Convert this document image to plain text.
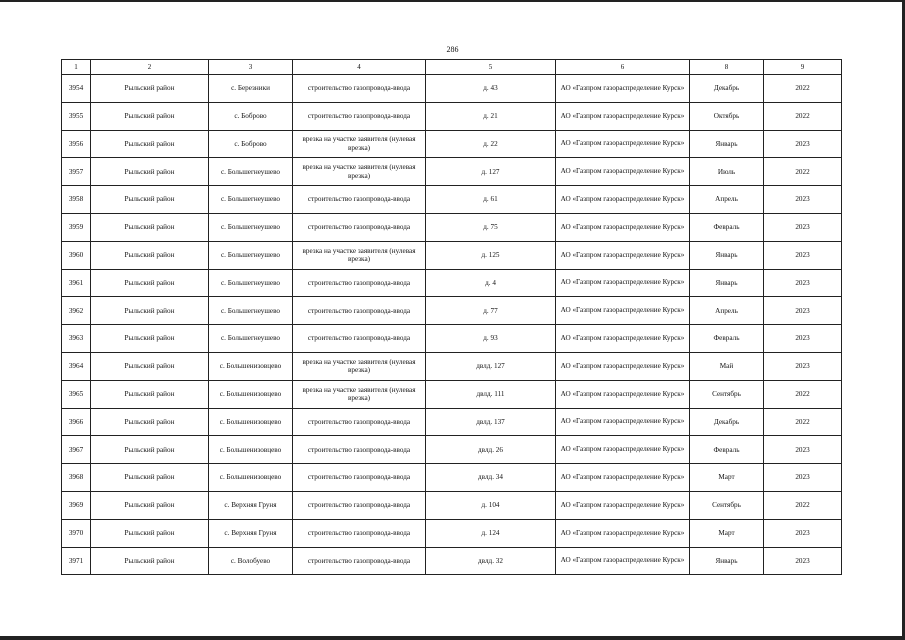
286
1	2	3	4	5	6	8	9
3954	Рыльский район	с. Березники	строительство газопровода-ввода	д. 43	АО «Газпром газораспределение Курск»	Декабрь	2022
3955	Рыльский район	с. Боброво	строительство газопровода-ввода	д. 21	АО «Газпром газораспределение Курск»	Октябрь	2022
3956	Рыльский район	с. Боброво	врезка на участке заявителя (нулевая врезка)	д. 22	АО «Газпром газораспределение Курск»	Январь	2023
3957	Рыльский район	с. Большегнеушево	врезка на участке заявителя (нулевая врезка)	д. 127	АО «Газпром газораспределение Курск»	Июль	2022
3958	Рыльский район	с. Большегнеушево	строительство газопровода-ввода	д. 61	АО «Газпром газораспределение Курск»	Апрель	2023
3959	Рыльский район	с. Большегнеушево	строительство газопровода-ввода	д. 75	АО «Газпром газораспределение Курск»	Февраль	2023
3960	Рыльский район	с. Большегнеушево	врезка на участке заявителя (нулевая врезка)	д. 125	АО «Газпром газораспределение Курск»	Январь	2023
3961	Рыльский район	с. Большегнеушево	строительство газопровода-ввода	д. 4	АО «Газпром газораспределение Курск»	Январь	2023
3962	Рыльский район	с. Большегнеушево	строительство газопровода-ввода	д. 77	АО «Газпром газораспределение Курск»	Апрель	2023
3963	Рыльский район	с. Большегнеушево	строительство газопровода-ввода	д. 93	АО «Газпром газораспределение Курск»	Февраль	2023
3964	Рыльский район	с. Большенизовцево	врезка на участке заявителя (нулевая врезка)	двлд. 127	АО «Газпром газораспределение Курск»	Май	2023
3965	Рыльский район	с. Большенизовцево	врезка на участке заявителя (нулевая врезка)	двлд. 111	АО «Газпром газораспределение Курск»	Сентябрь	2022
3966	Рыльский район	с. Большенизовцево	строительство газопровода-ввода	двлд. 137	АО «Газпром газораспределение Курск»	Декабрь	2022
3967	Рыльский район	с. Большенизовцево	строительство газопровода-ввода	двлд. 26	АО «Газпром газораспределение Курск»	Февраль	2023
3968	Рыльский район	с. Большенизовцево	строительство газопровода-ввода	двлд. 34	АО «Газпром газораспределение Курск»	Март	2023
3969	Рыльский район	с. Верхняя Груня	строительство газопровода-ввода	д. 104	АО «Газпром газораспределение Курск»	Сентябрь	2022
3970	Рыльский район	с. Верхняя Груня	строительство газопровода-ввода	д. 124	АО «Газпром газораспределение Курск»	Март	2023
3971	Рыльский район	с. Волобуево	строительство газопровода-ввода	двлд. 32	АО «Газпром газораспределение Курск»	Январь	2023
